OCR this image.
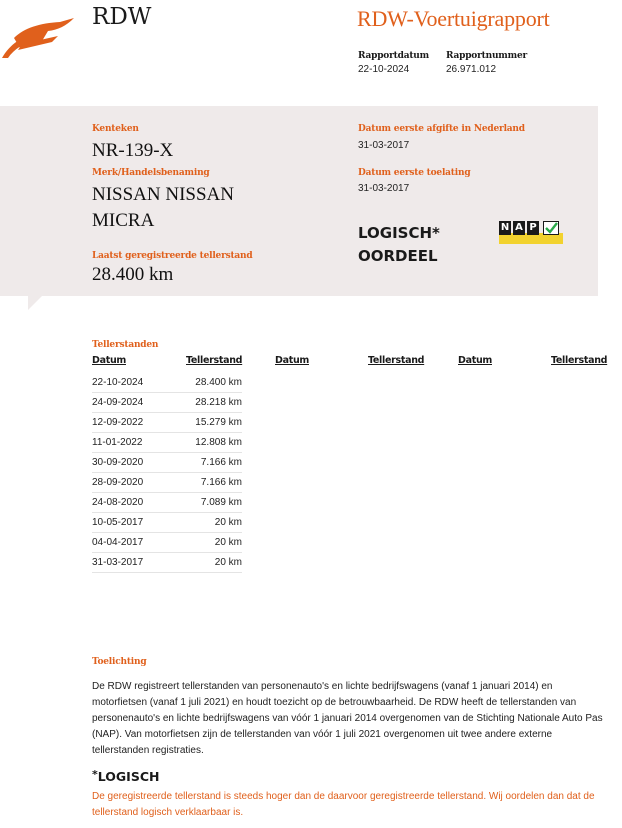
RDW	RDW-Voertuigrapport
Rapportdatum
22-10-2024
Rapportnummer
26.971.012
Kenteken
NR-139-X
Merk/Handelsbenaming
NISSAN NISSAN
MICRA
Laatst geregistreerde tellerstand
28.400 km
Datum eerste afgifte in Nederland
31-03-2017
Datum eerste toelating
31-03-2017
LOGISCH*
OORDEEL
N A P
Tellerstanden
Datum	Tellerstand	Datum	Tellerstand	Datum	Tellerstand
22-10-2024	28.400 km
24-09-2024	28.218 km
12-09-2022	15.279 km
11-01-2022	12.808 km
30-09-2020	7.166 km
28-09-2020	7.166 km
24-08-2020	7.089 km
10-05-2017	20 km
04-04-2017	20 km
31-03-2017	20 km
Toelichting
De RDW registreert tellerstanden van personenauto's en lichte bedrijfswagens (vanaf 1 januari 2014) en motorfietsen (vanaf 1 juli 2021) en houdt toezicht op de betrouwbaarheid. De RDW heeft de tellerstanden van personenauto's en lichte bedrijfswagens van vóór 1 januari 2014 overgenomen van de Stichting Nationale Auto Pas (NAP). Van motorfietsen zijn de tellerstanden van vóór 1 juli 2021 overgenomen uit twee andere externe tellerstanden registraties.
*LOGISCH
De geregistreerde tellerstand is steeds hoger dan de daarvoor geregistreerde tellerstand. Wij oordelen dan dat de tellerstand logisch verklaarbaar is.
